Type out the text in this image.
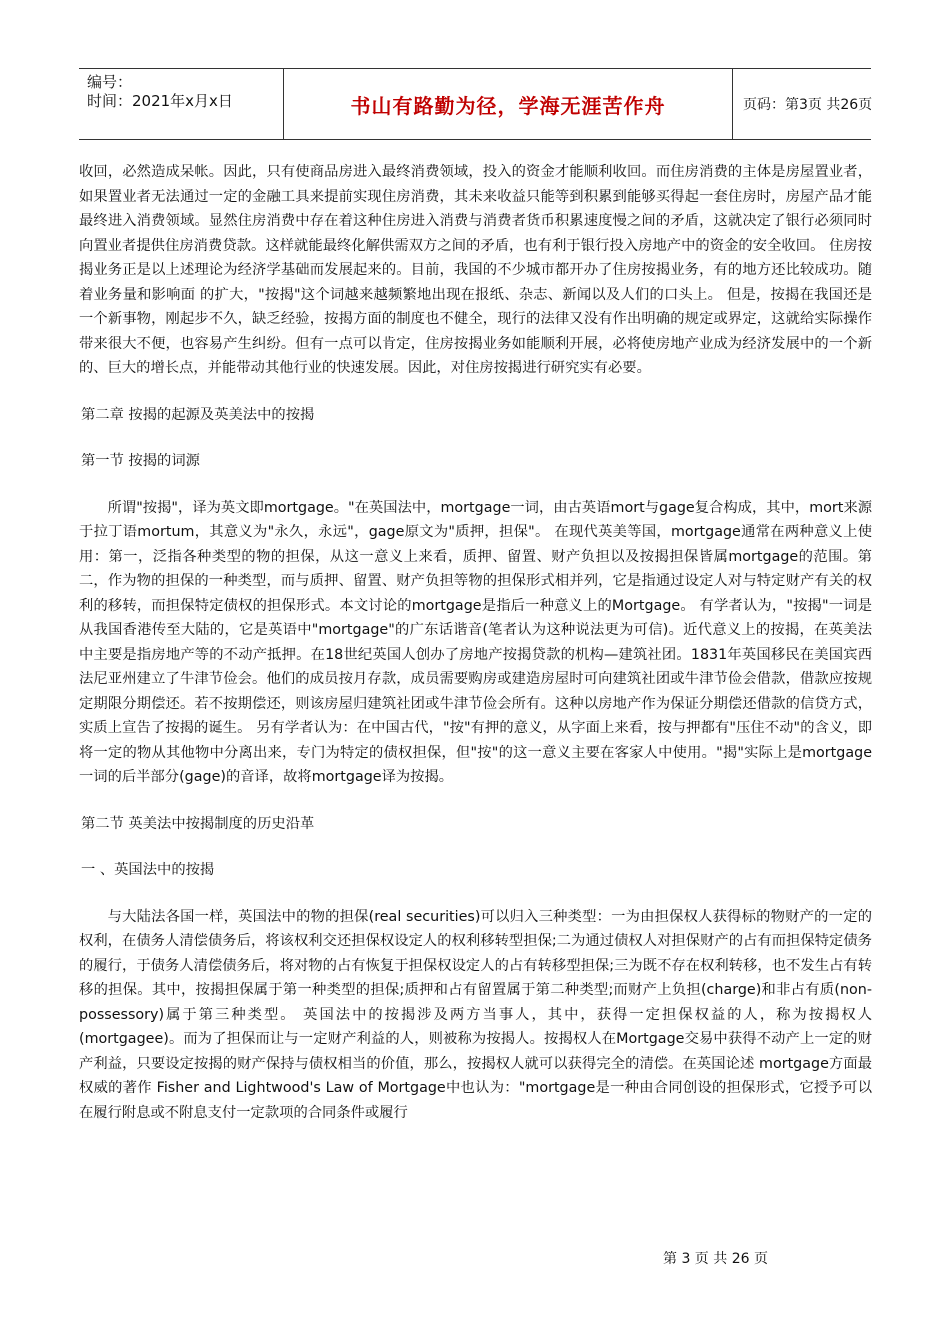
编号：
时间：2021年x月x日	书山有路勤为径，学海无涯苦作舟	页码：第3页 共26页

收回，必然造成呆帐。因此，只有使商品房进入最终消费领域，投入的资金才能顺利收回。而住房消费的主体是房屋置业者，如果置业者无法通过一定的金融工具来提前实现住房消费，其未来收益只能等到积累到能够买得起一套住房时，房屋产品才能最终进入消费领域。显然住房消费中存在着这种住房进入消费与消费者货币积累速度慢之间的矛盾，这就决定了银行必须同时向置业者提供住房消费贷款。这样就能最终化解供需双方之间的矛盾，也有利于银行投入房地产中的资金的安全收回。 住房按揭业务正是以上述理论为经济学基础而发展起来的。目前，我国的不少城市都开办了住房按揭业务，有的地方还比较成功。随着业务量和影响面 的扩大，"按揭"这个词越来越频繁地出现在报纸、杂志、新闻以及人们的口头上。 但是，按揭在我国还是一个新事物，刚起步不久，缺乏经验，按揭方面的制度也不健全，现行的法律又没有作出明确的规定或界定，这就给实际操作带来很大不便，也容易产生纠纷。但有一点可以肯定，住房按揭业务如能顺利开展，必将使房地产业成为经济发展中的一个新的、巨大的增长点，并能带动其他行业的快速发展。因此，对住房按揭进行研究实有必要。

第二章 按揭的起源及英美法中的按揭

第一节 按揭的词源

所谓"按揭"，译为英文即mortgage。"在英国法中，mortgage一词，由古英语mort与gage复合构成，其中，mort来源于拉丁语mortum，其意义为"永久，永远"，gage原文为"质押，担保"。 在现代英美等国，mortgage通常在两种意义上使用：第一，泛指各种类型的物的担保，从这一意义上来看，质押、留置、财产负担以及按揭担保皆属mortgage的范围。第二，作为物的担保的一种类型，而与质押、留置、财产负担等物的担保形式相并列，它是指通过设定人对与特定财产有关的权利的移转，而担保特定债权的担保形式。本文讨论的mortgage是指后一种意义上的Mortgage。 有学者认为，"按揭"一词是从我国香港传至大陆的，它是英语中"mortgage"的广东话谐音(笔者认为这种说法更为可信)。近代意义上的按揭，在英美法中主要是指房地产等的不动产抵押。在18世纪英国人创办了房地产按揭贷款的机构—建筑社团。1831年英国移民在美国宾西法尼亚州建立了牛津节俭会。他们的成员按月存款，成员需要购房或建造房屋时可向建筑社团或牛津节俭会借款，借款应按规定期限分期偿还。若不按期偿还，则该房屋归建筑社团或牛津节俭会所有。这种以房地产作为保证分期偿还借款的信贷方式，实质上宣告了按揭的诞生。 另有学者认为：在中国古代，"按"有押的意义，从字面上来看，按与押都有"压住不动"的含义，即将一定的物从其他物中分离出来，专门为特定的债权担保，但"按"的这一意义主要在客家人中使用。"揭"实际上是mortgage一词的后半部分(gage)的音译，故将mortgage译为按揭。

第二节 英美法中按揭制度的历史沿革

一 、英国法中的按揭

与大陆法各国一样，英国法中的物的担保(real securities)可以归入三种类型：一为由担保权人获得标的物财产的一定的权利，在债务人清偿债务后，将该权利交还担保权设定人的权利移转型担保;二为通过债权人对担保财产的占有而担保特定债务的履行，于债务人清偿债务后，将对物的占有恢复于担保权设定人的占有转移型担保;三为既不存在权利转移，也不发生占有转移的担保。其中，按揭担保属于第一种类型的担保;质押和占有留置属于第二种类型;而财产上负担(charge)和非占有质(non-possessory)属于第三种类型。 英国法中的按揭涉及两方当事人，其中，获得一定担保权益的人，称为按揭权人(mortgagee)。而为了担保而让与一定财产利益的人，则被称为按揭人。按揭权人在Mortgage交易中获得不动产上一定的财产利益，只要设定按揭的财产保持与债权相当的价值，那么，按揭权人就可以获得完全的清偿。在英国论述 mortgage方面最权威的著作 Fisher and Lightwood's Law of Mortgage中也认为："mortgage是一种由合同创设的担保形式，它授予可以在履行附息或不附息支付一定款项的合同条件或履行

第 3 页 共 26 页
